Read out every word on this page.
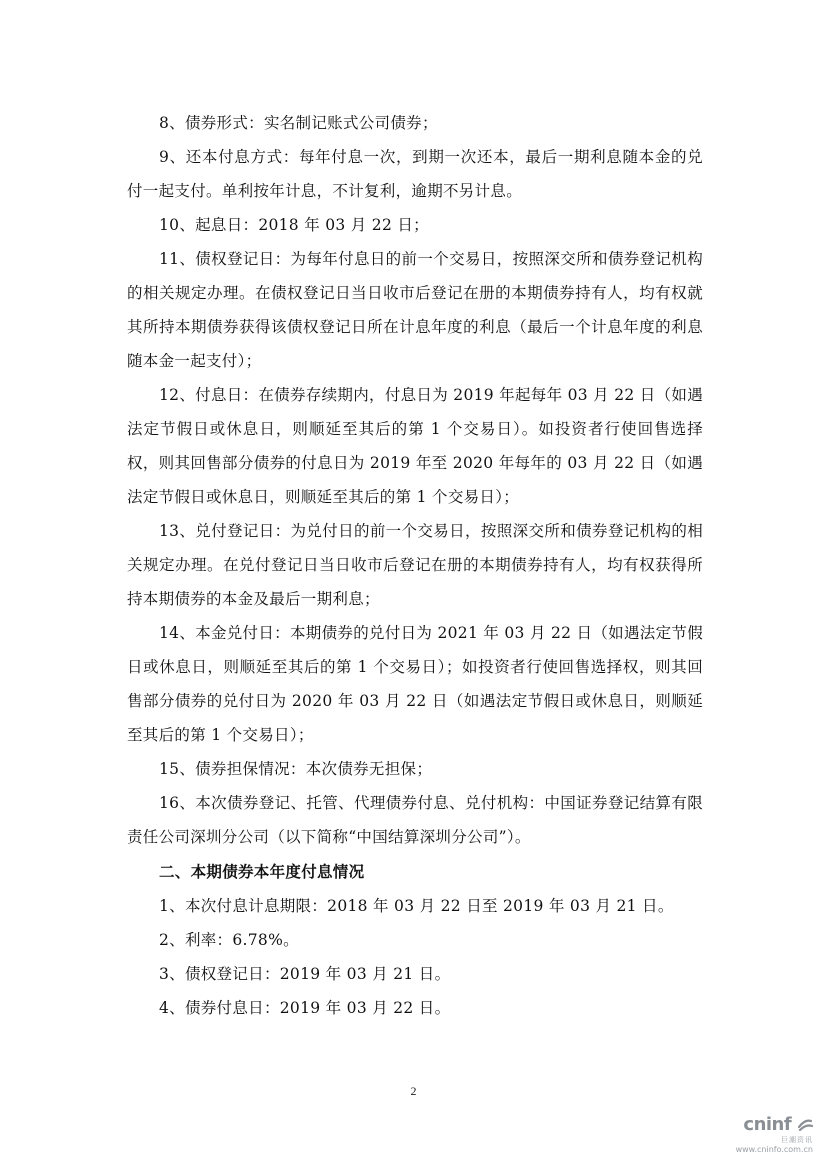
8、债券形式：实名制记账式公司债券；

9、还本付息方式：每年付息一次，到期一次还本，最后一期利息随本金的兑付一起支付。单利按年计息，不计复利，逾期不另计息。

10、起息日：2018 年 03 月 22 日；

11、债权登记日：为每年付息日的前一个交易日，按照深交所和债券登记机构的相关规定办理。在债权登记日当日收市后登记在册的本期债券持有人，均有权就其所持本期债券获得该债权登记日所在计息年度的利息（最后一个计息年度的利息随本金一起支付）；

12、付息日：在债券存续期内，付息日为 2019 年起每年 03 月 22 日（如遇法定节假日或休息日，则顺延至其后的第 1 个交易日）。如投资者行使回售选择权，则其回售部分债券的付息日为 2019 年至 2020 年每年的 03 月 22 日（如遇法定节假日或休息日，则顺延至其后的第 1 个交易日）；

13、兑付登记日：为兑付日的前一个交易日，按照深交所和债券登记机构的相关规定办理。在兑付登记日当日收市后登记在册的本期债券持有人，均有权获得所持本期债券的本金及最后一期利息；

14、本金兑付日：本期债券的兑付日为 2021 年 03 月 22 日（如遇法定节假日或休息日，则顺延至其后的第 1 个交易日）；如投资者行使回售选择权，则其回售部分债券的兑付日为 2020 年 03 月 22 日（如遇法定节假日或休息日，则顺延至其后的第 1 个交易日）；

15、债券担保情况：本次债券无担保；

16、本次债券登记、托管、代理债券付息、兑付机构：中国证券登记结算有限责任公司深圳分公司（以下简称“中国结算深圳分公司”）。

二、本期债券本年度付息情况

1、本次付息计息期限：2018 年 03 月 22 日至 2019 年 03 月 21 日。

2、利率：6.78%。

3、债权登记日：2019 年 03 月 21 日。

4、债券付息日：2019 年 03 月 22 日。

2
cninf
巨潮资讯
www.cninfo.com.cn
